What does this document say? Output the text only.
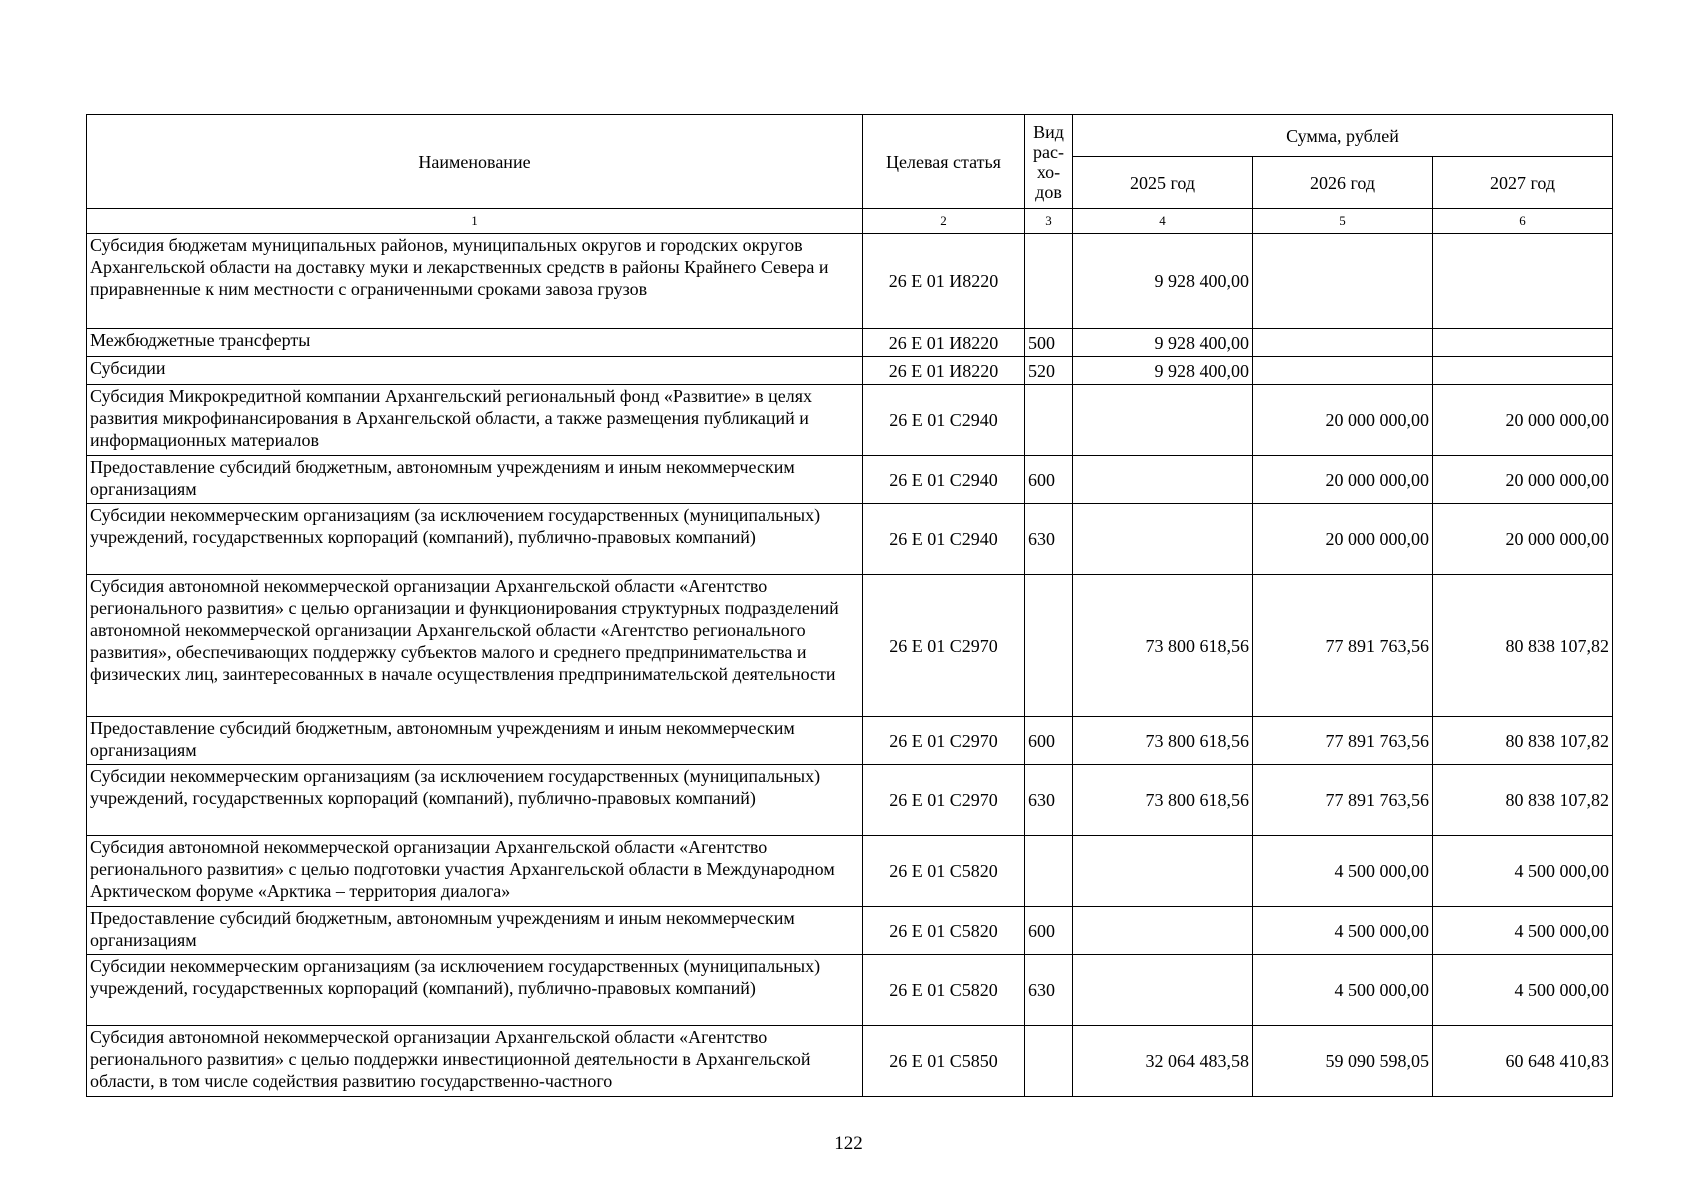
Наименование	Целевая статья	Вид рас- хо- дов	Сумма, рублей		
			2025 год	2026 год	2027 год
1	2	3	4	5	6
Субсидия бюджетам муниципальных районов, муниципальных округов и городских округов Архангельской области на доставку муки и лекарственных средств в районы Крайнего Севера и приравненные к ним местности с ограниченными сроками завоза грузов	26 Е 01 И8220		9 928 400,00		
Межбюджетные трансферты	26 Е 01 И8220	500	9 928 400,00		
Субсидии	26 Е 01 И8220	520	9 928 400,00		
Субсидия Микрокредитной компании Архангельский региональный фонд «Развитие» в целях развития микрофинансирования в Архангельской области, а также размещения публикаций и информационных материалов	26 Е 01 С2940			20 000 000,00	20 000 000,00
Предоставление субсидий бюджетным, автономным учреждениям и иным некоммерческим организациям	26 Е 01 С2940	600		20 000 000,00	20 000 000,00
Субсидии некоммерческим организациям (за исключением государственных (муниципальных) учреждений, государственных корпораций (компаний), публично-правовых компаний)	26 Е 01 С2940	630		20 000 000,00	20 000 000,00
Субсидия автономной некоммерческой организации Архангельской области «Агентство регионального развития» с целью организации и функционирования структурных подразделений автономной некоммерческой организации Архангельской области «Агентство регионального развития», обеспечивающих поддержку субъектов малого и среднего предпринимательства и физических лиц, заинтересованных в начале осуществления предпринимательской деятельности	26 Е 01 С2970		73 800 618,56	77 891 763,56	80 838 107,82
Предоставление субсидий бюджетным, автономным учреждениям и иным некоммерческим организациям	26 Е 01 С2970	600	73 800 618,56	77 891 763,56	80 838 107,82
Субсидии некоммерческим организациям (за исключением государственных (муниципальных) учреждений, государственных корпораций (компаний), публично-правовых компаний)	26 Е 01 С2970	630	73 800 618,56	77 891 763,56	80 838 107,82
Субсидия автономной некоммерческой организации Архангельской области «Агентство регионального развития» с целью подготовки участия Архангельской области в Международном Арктическом форуме «Арктика – территория диалога»	26 Е 01 С5820			4 500 000,00	4 500 000,00
Предоставление субсидий бюджетным, автономным учреждениям и иным некоммерческим организациям	26 Е 01 С5820	600		4 500 000,00	4 500 000,00
Субсидии некоммерческим организациям (за исключением государственных (муниципальных) учреждений, государственных корпораций (компаний), публично-правовых компаний)	26 Е 01 С5820	630		4 500 000,00	4 500 000,00
Субсидия автономной некоммерческой организации Архангельской области «Агентство регионального развития» с целью поддержки инвестиционной деятельности в Архангельской области, в том числе содействия развитию государственно-частного	26 Е 01 С5850		32 064 483,58	59 090 598,05	60 648 410,83
122
